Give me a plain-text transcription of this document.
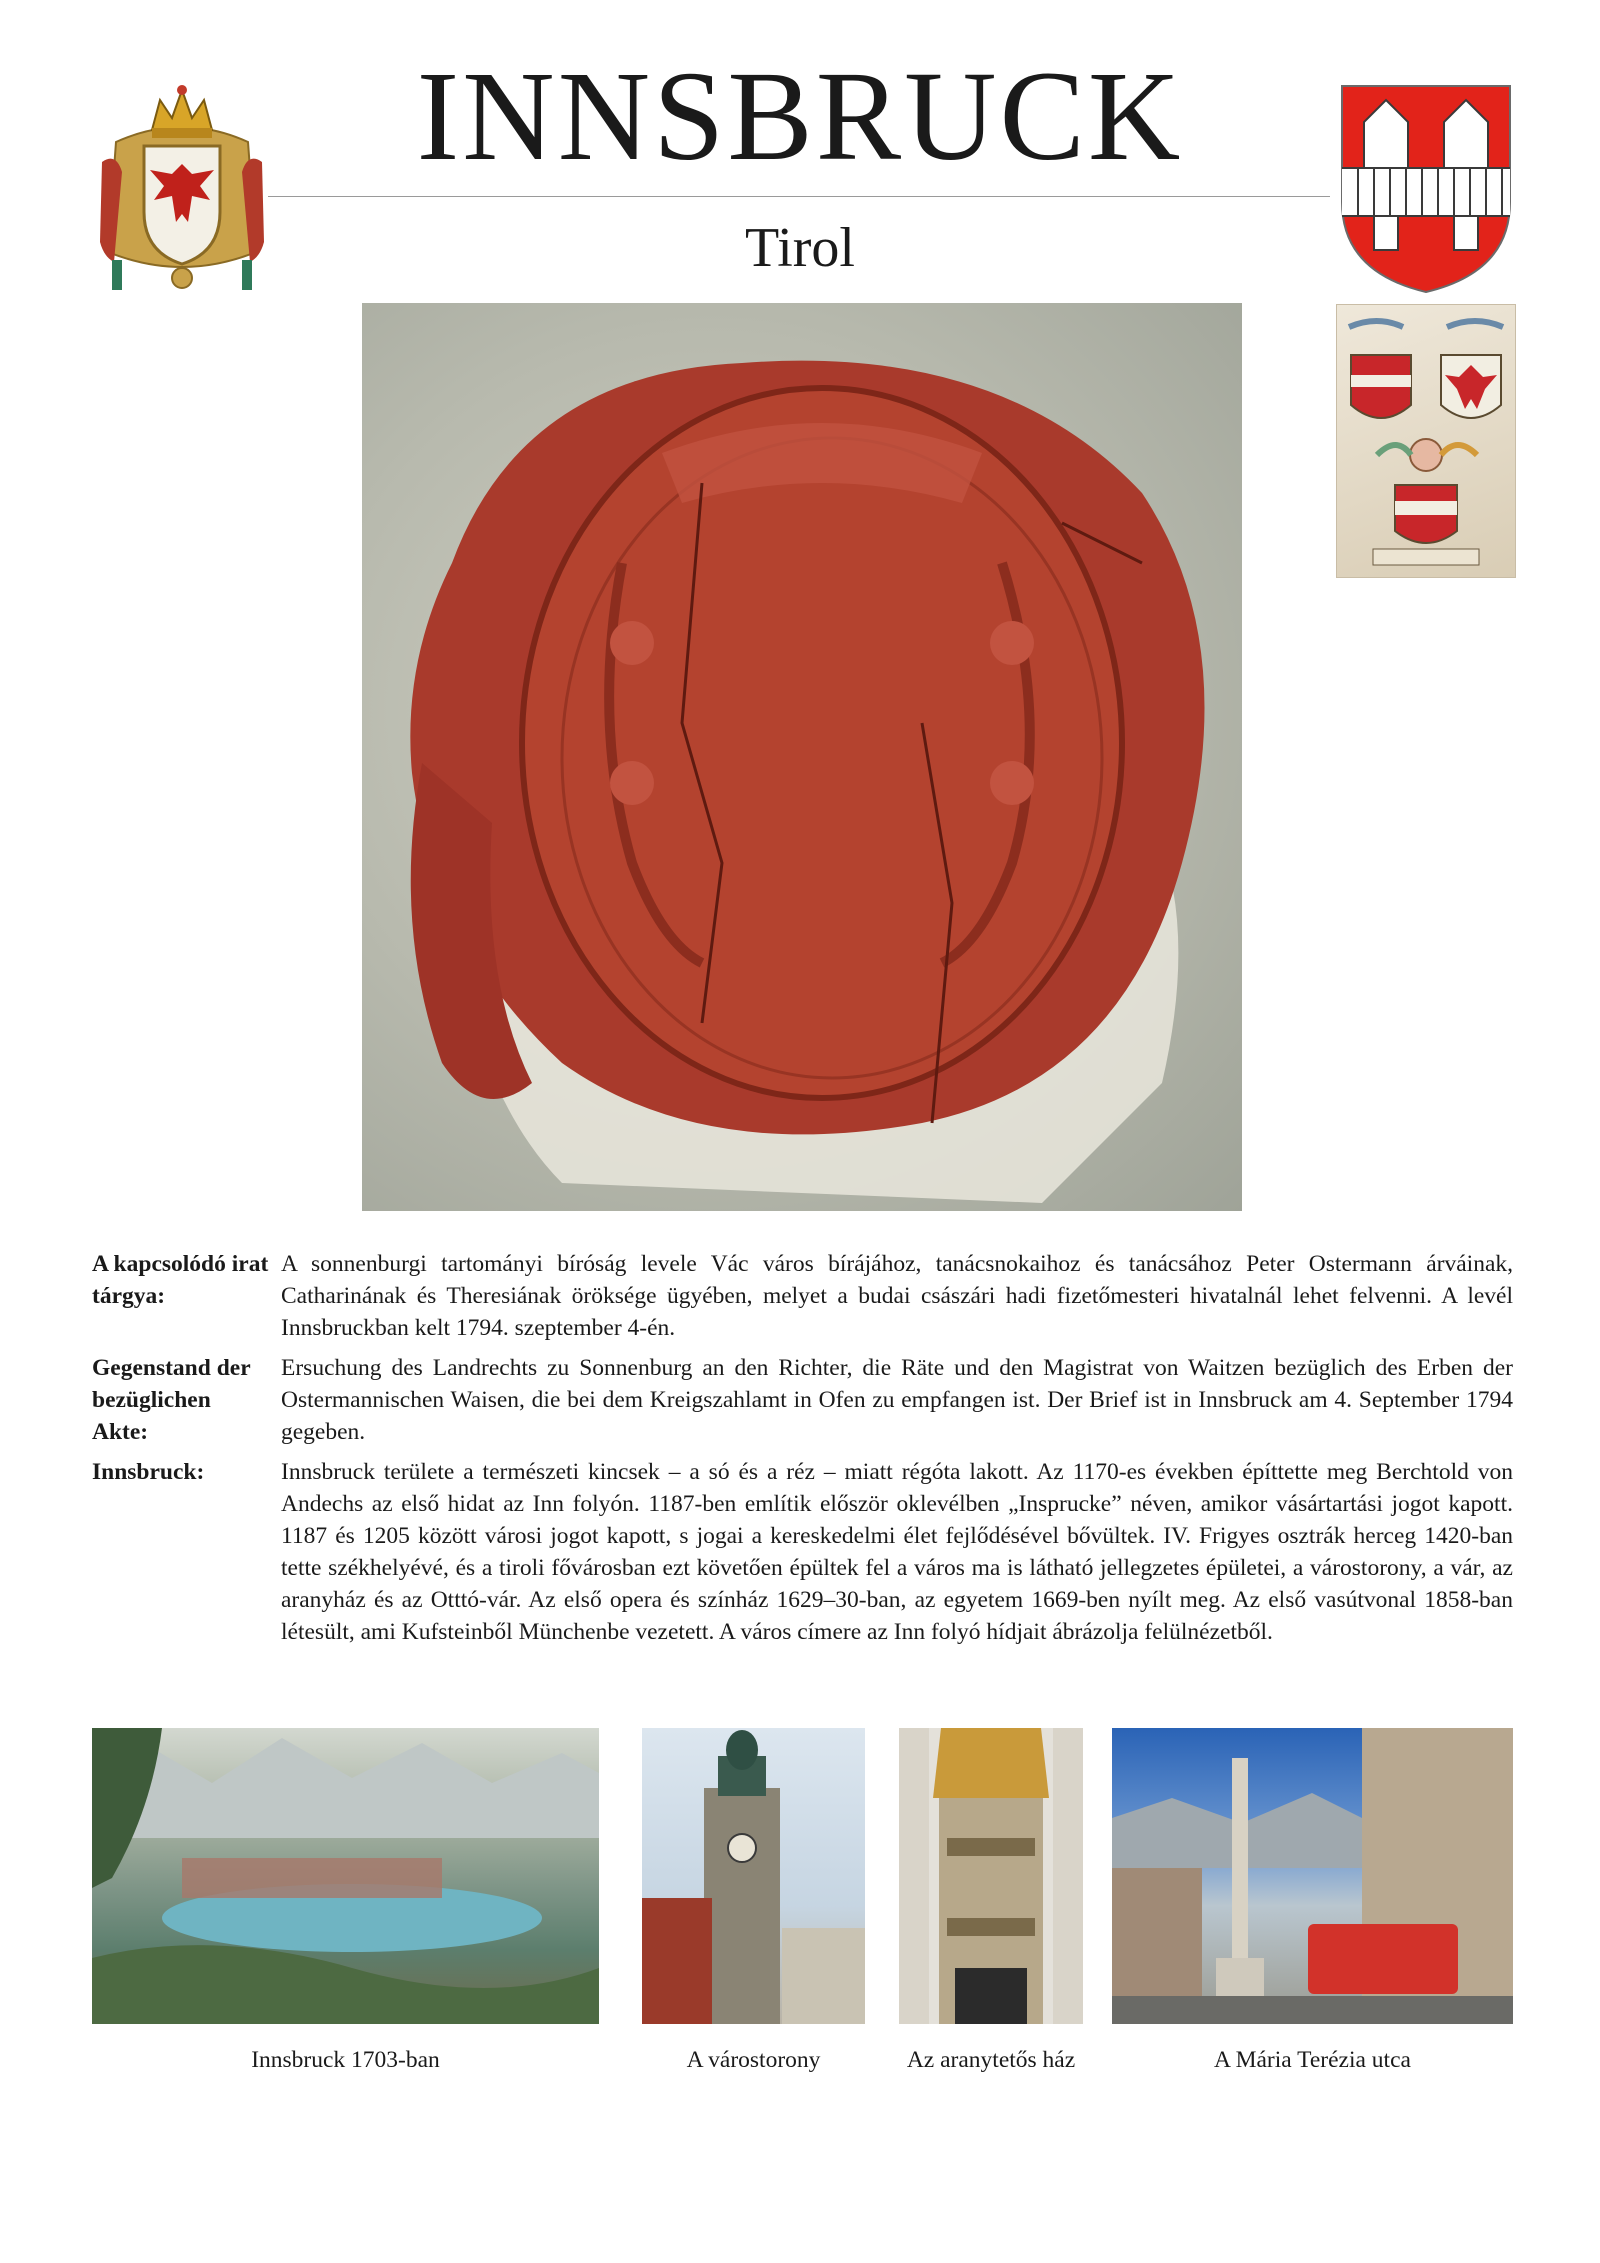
INNSBRUCK
Tirol
A kapcsolódó irat tárgya:

A sonnenburgi tartományi bíróság levele Vác város bírájához, tanácsnokaihoz és tanácsához Peter Ostermann árváinak, Catharinának és Theresiának öröksége ügyében, melyet a budai császári hadi fizetőmesteri hivatalnál lehet felvenni. A levél Innsbruckban kelt 1794. szeptember 4-én.

Gegenstand der bezüglichen Akte:

Ersuchung des Landrechts zu Sonnenburg an den Richter, die Räte und den Magistrat von Waitzen bezüglich des Erben der Ostermannischen Waisen, die bei dem Kreigszahlamt in Ofen zu empfangen ist. Der Brief ist in Innsbruck am 4. September 1794 gegeben.

Innsbruck:	Innsbruck területe a természeti kincsek – a só és a réz – miatt régóta lakott. Az 1170-es években építtette meg Berchtold von Andechs az első hidat az Inn folyón. 1187-ben említik először oklevélben „Insprucke” néven, amikor vásártartási jogot kapott. 1187 és 1205 között városi jogot kapott, s jogai a kereskedelmi élet fejlődésével bővültek. IV. Frigyes osztrák herceg 1420-ban tette székhelyévé, és a tiroli fővárosban ezt követően épültek fel a város ma is látható jellegzetes épületei, a várostorony, a vár, az aranyház és az Otttó-vár. Az első opera és színház 1629–30-ban, az egyetem 1669-ben nyílt meg. Az első vasútvonal 1858-ban létesült, ami Kufsteinből Münchenbe vezetett. A város címere az Inn folyó hídjait ábrázolja felülnézetből.

Innsbruck 1703-ban	A várostorony	Az aranytetős ház	A Mária Terézia utca
